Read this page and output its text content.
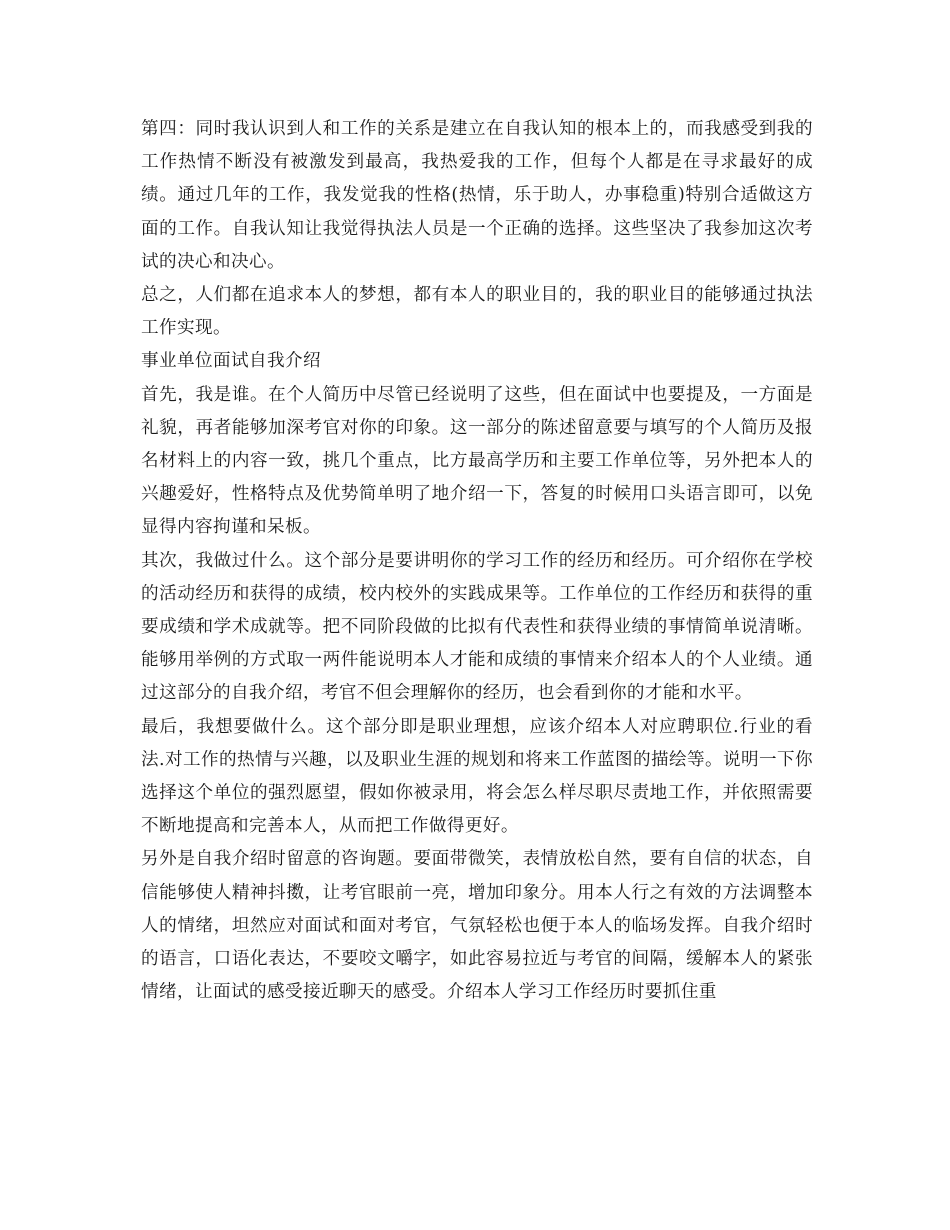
第四：同时我认识到人和工作的关系是建立在自我认知的根本上的，而我感受到我的工作热情不断没有被激发到最高，我热爱我的工作，但每个人都是在寻求最好的成绩。通过几年的工作，我发觉我的性格(热情，乐于助人，办事稳重)特别合适做这方面的工作。自我认知让我觉得执法人员是一个正确的选择。这些坚决了我参加这次考试的决心和决心。

总之，人们都在追求本人的梦想，都有本人的职业目的，我的职业目的能够通过执法工作实现。

事业单位面试自我介绍

首先，我是谁。在个人简历中尽管已经说明了这些，但在面试中也要提及，一方面是礼貌，再者能够加深考官对你的印象。这一部分的陈述留意要与填写的个人简历及报名材料上的内容一致，挑几个重点，比方最高学历和主要工作单位等，另外把本人的兴趣爱好，性格特点及优势简单明了地介绍一下，答复的时候用口头语言即可，以免显得内容拘谨和呆板。

其次，我做过什么。这个部分是要讲明你的学习工作的经历和经历。可介绍你在学校的活动经历和获得的成绩，校内校外的实践成果等。工作单位的工作经历和获得的重要成绩和学术成就等。把不同阶段做的比拟有代表性和获得业绩的事情简单说清晰。能够用举例的方式取一两件能说明本人才能和成绩的事情来介绍本人的个人业绩。通过这部分的自我介绍，考官不但会理解你的经历，也会看到你的才能和水平。

最后，我想要做什么。这个部分即是职业理想，应该介绍本人对应聘职位.行业的看法.对工作的热情与兴趣，以及职业生涯的规划和将来工作蓝图的描绘等。说明一下你选择这个单位的强烈愿望，假如你被录用，将会怎么样尽职尽责地工作，并依照需要不断地提高和完善本人，从而把工作做得更好。

另外是自我介绍时留意的咨询题。要面带微笑，表情放松自然，要有自信的状态，自信能够使人精神抖擞，让考官眼前一亮，增加印象分。用本人行之有效的方法调整本人的情绪，坦然应对面试和面对考官，气氛轻松也便于本人的临场发挥。自我介绍时的语言，口语化表达，不要咬文嚼字，如此容易拉近与考官的间隔，缓解本人的紧张情绪，让面试的感受接近聊天的感受。介绍本人学习工作经历时要抓住重
